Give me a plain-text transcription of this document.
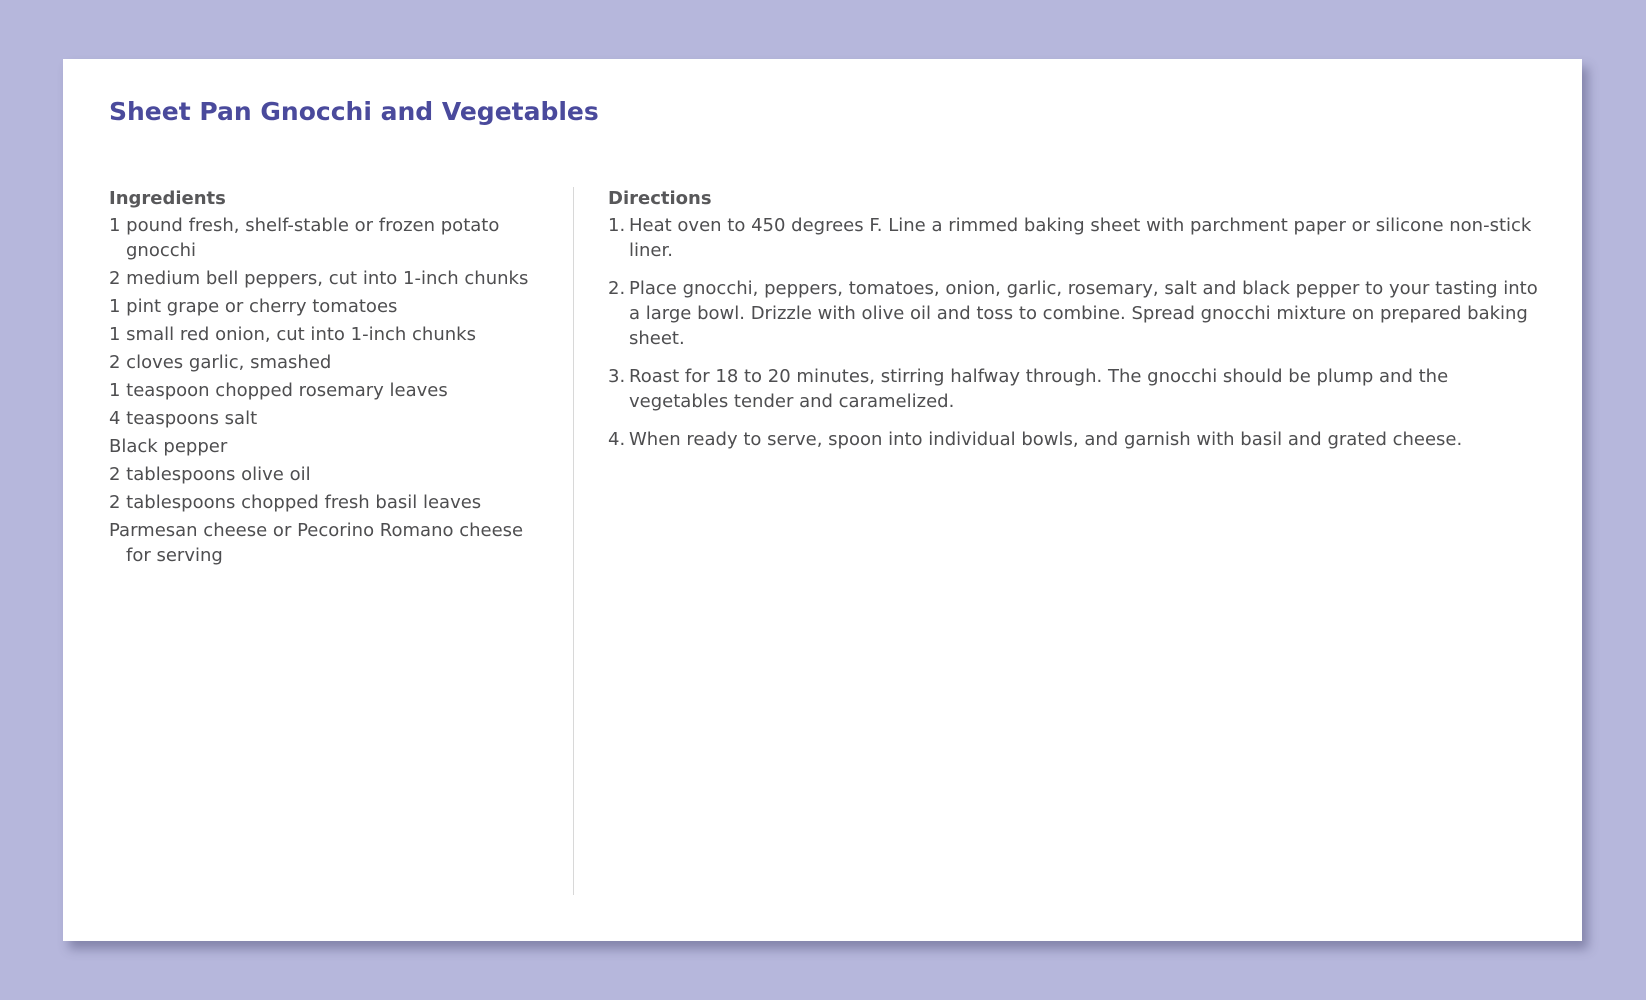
Sheet Pan Gnocchi and Vegetables
Ingredients
1 pound fresh, shelf-stable or frozen potato gnocchi
2 medium bell peppers, cut into 1-inch chunks
1 pint grape or cherry tomatoes
1 small red onion, cut into 1-inch chunks
2 cloves garlic, smashed
1 teaspoon chopped rosemary leaves
4 teaspoons salt
Black pepper
2 tablespoons olive oil
2 tablespoons chopped fresh basil leaves
Parmesan cheese or Pecorino Romano cheese for serving
Directions
1. Heat oven to 450 degrees F. Line a rimmed baking sheet with parchment paper or silicone non-stick liner.
2. Place gnocchi, peppers, tomatoes, onion, garlic, rosemary, salt and black pepper to your tasting into a large bowl. Drizzle with olive oil and toss to combine. Spread gnocchi mixture on prepared baking sheet.
3. Roast for 18 to 20 minutes, stirring halfway through. The gnocchi should be plump and the vegetables tender and caramelized.
4. When ready to serve, spoon into individual bowls, and garnish with basil and grated cheese.
